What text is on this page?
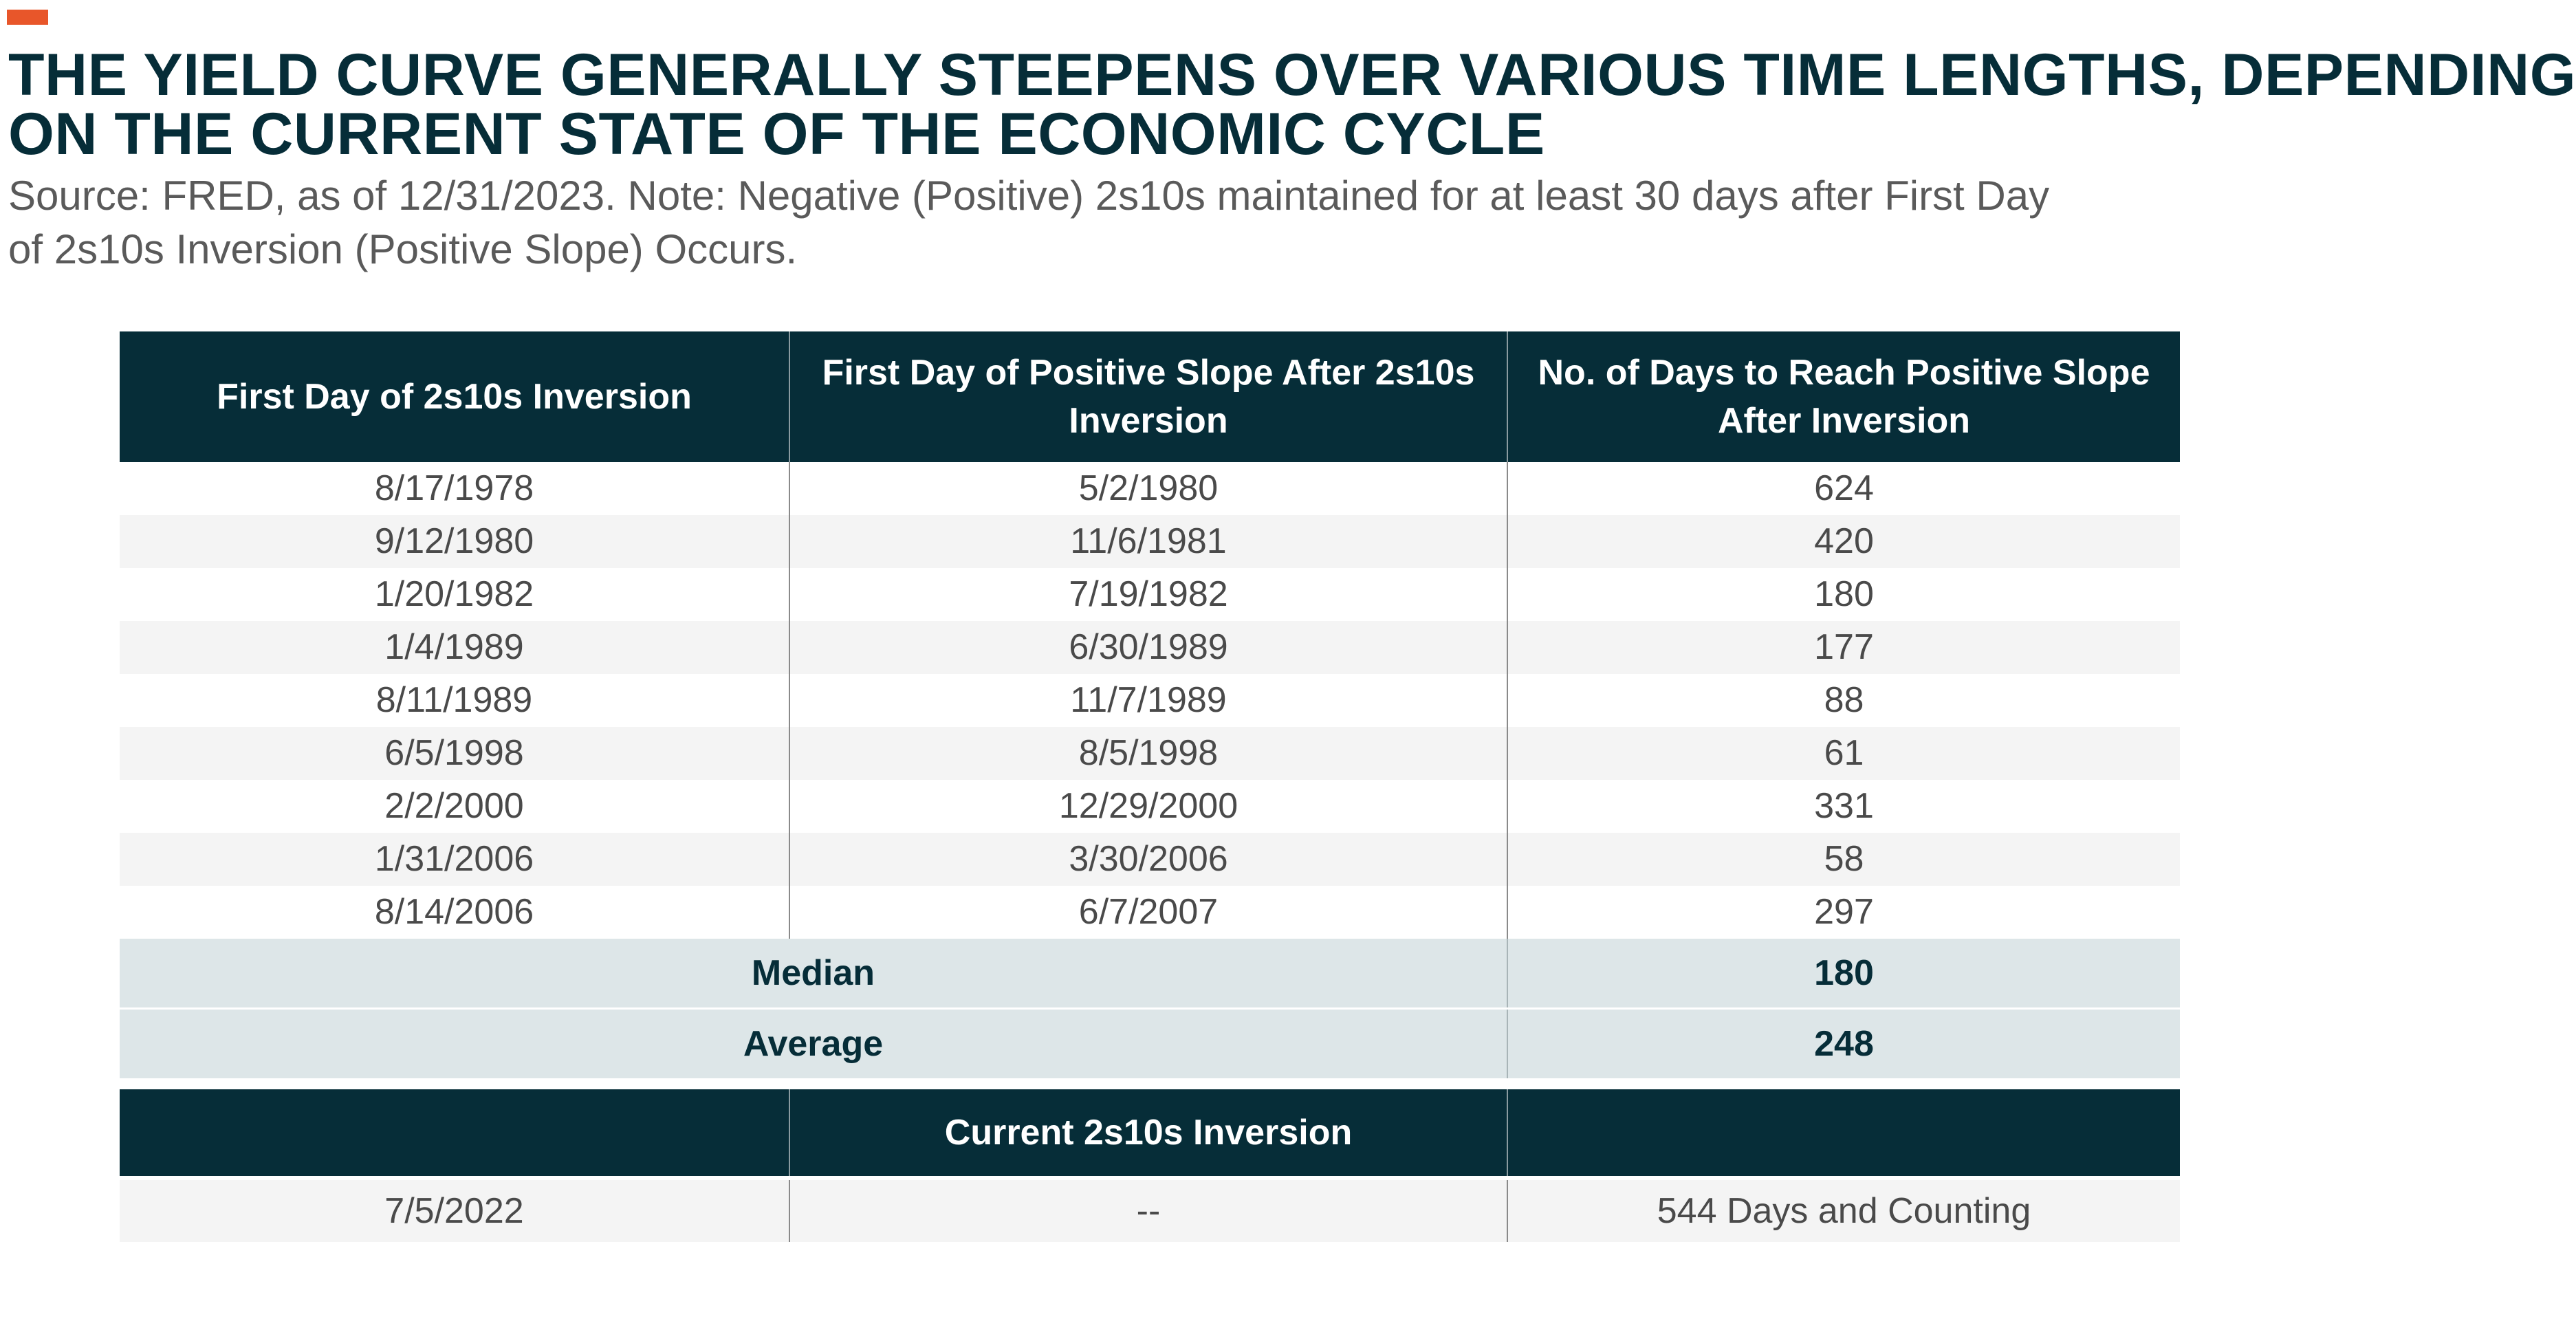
THE YIELD CURVE GENERALLY STEEPENS OVER VARIOUS TIME LENGTHS, DEPENDING
ON THE CURRENT STATE OF THE ECONOMIC CYCLE

Source: FRED, as of 12/31/2023. Note: Negative (Positive) 2s10s maintained for at least 30 days after First Day
of 2s10s Inversion (Positive Slope) Occurs.

First Day of 2s10s Inversion	First Day of Positive Slope After 2s10s Inversion	No. of Days to Reach Positive Slope After Inversion
8/17/1978	5/2/1980	624
9/12/1980	11/6/1981	420
1/20/1982	7/19/1982	180
1/4/1989	6/30/1989	177
8/11/1989	11/7/1989	88
6/5/1998	8/5/1998	61
2/2/2000	12/29/2000	331
1/31/2006	3/30/2006	58
8/14/2006	6/7/2007	297
Median		180
Average		248

	Current 2s10s Inversion	
7/5/2022	--	544 Days and Counting
